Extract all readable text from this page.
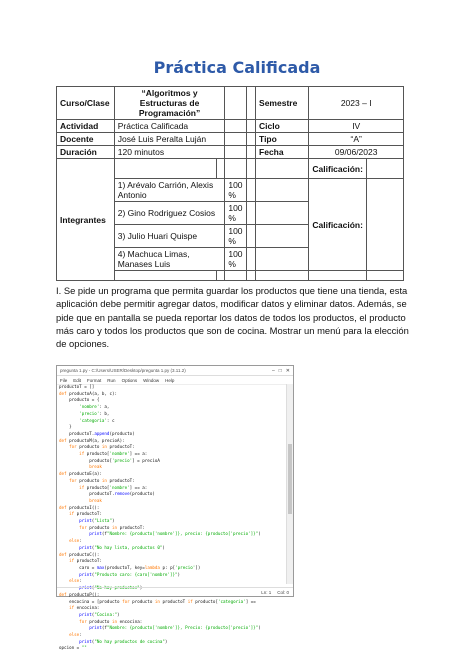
Práctica Calificada
Curso/Clase	“Algoritmos y Estructuras de Programación”				Semestre	2023 – I	
Actividad	Práctica Calificada				Ciclo	IV	
Docente	José Luis Peralta Luján				Tipo	“A”	
Duración	120 minutos				Fecha	09/06/2023	
Integrantes						Calificación:	
	1) Arévalo Carrión, Alexis Antonio		100 %			Calificación:	
	2) Gino Rodriguez Cosios		100 %				
	3) Julio Huari Quispe		100 %				
	4) Machuca Limas, Manases Luis		100 %				

I. Se pide un programa que permita guardar los productos que tiene una tienda, esta aplicación debe permitir agregar datos, modificar datos y eliminar datos. Además, se pide que en pantalla se pueda reportar los datos de todos los productos, el producto más caro y todos los productos que son de cocina. Mostrar un menú para la elección de opciones.
pregunta 1.py - C:/Users/USER/Desktop/pregunta 1.py (3.11.2)	– □ ✕
File Edit Format Run Options Window Help
productoT = []
def productoA(a, b, c):
producto = {
'nombre': a,
'precio': b,
'categoria': c
}
productoT.append(producto)
def productoM(a, precioA):
for producto in productoT:
if producto['nombre'] == a:
producto['precio'] = precioA
break
def productoE(a):
for producto in productoT:
if producto['nombre'] == a:
productoT.remove(producto)
break
def productoI():
if productoT:
print("Lista")
for producto in productoT:
print(f"Nombre: {producto['nombre']}, precio: {producto['precio']}")
else:
print("No hay lista, productos 0")
def productoC():
if productoT:
caro = max(productoT, key=lambda p: p['precio'])
print("Producto caro: {caro['nombre']}")
else:
print("No hay productos")
def productoP():
encocina = [producto for producto in productoT if producto['categoria'] ==
if encocina:
print("Cocina:")
for producto in encocina:
print(f"Nombre: {producto['nombre']}, Precio: {producto['precio']}")
else:
print("No hay productos de cocina")
opcion = ""
Ln: 1 Col: 0
